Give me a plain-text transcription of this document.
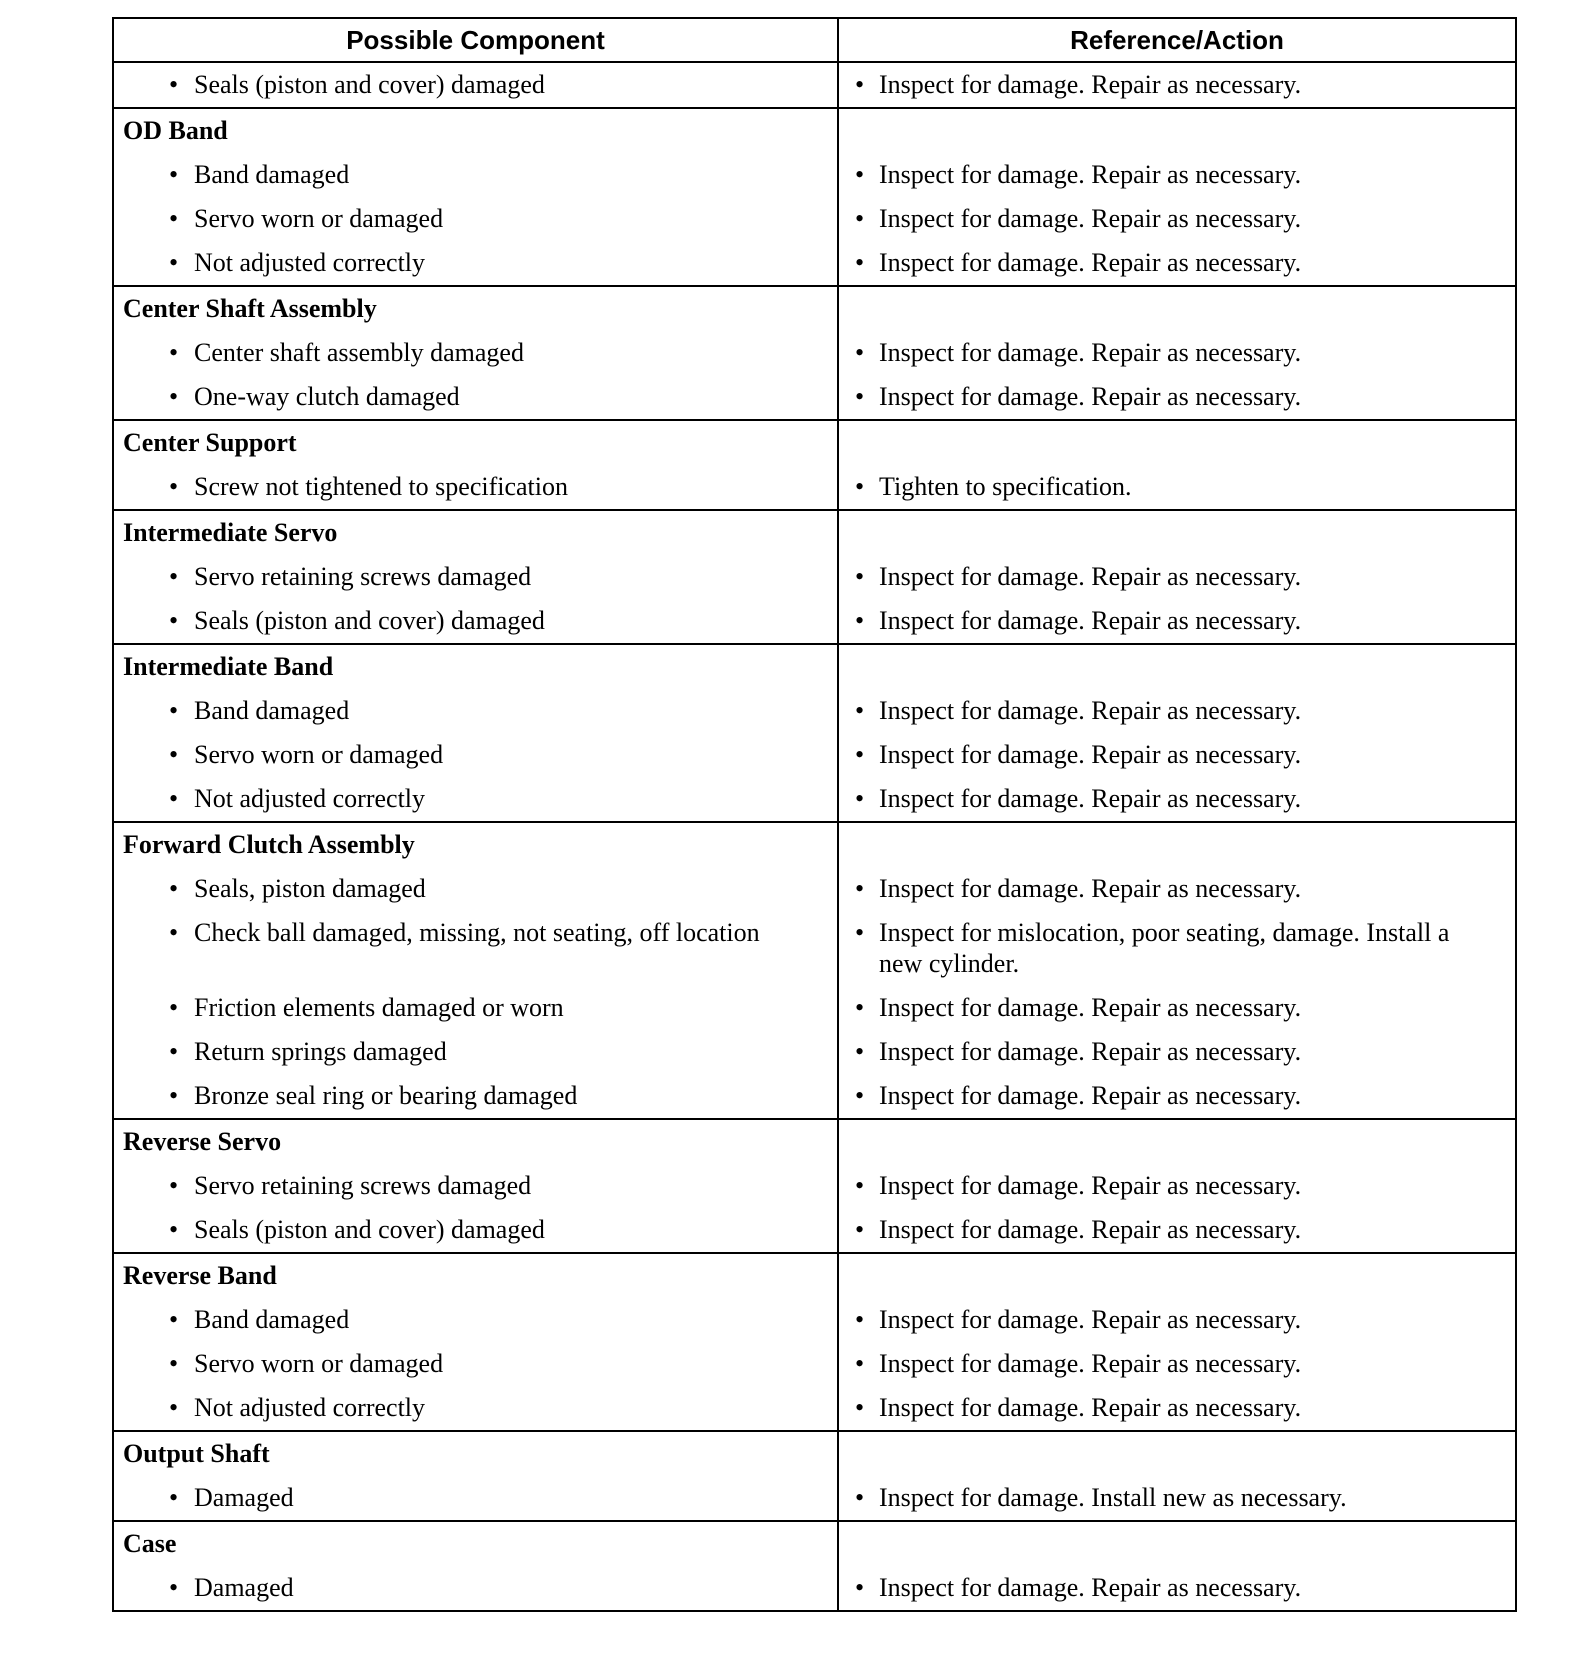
Possible Component	Reference/Action

• Seals (piston and cover) damaged	• Inspect for damage. Repair as necessary.

OD Band	

• Band damaged	• Inspect for damage. Repair as necessary.

• Servo worn or damaged	• Inspect for damage. Repair as necessary.

• Not adjusted correctly	• Inspect for damage. Repair as necessary.

Center Shaft Assembly	

• Center shaft assembly damaged	• Inspect for damage. Repair as necessary.

• One-way clutch damaged	• Inspect for damage. Repair as necessary.

Center Support	

• Screw not tightened to specification	• Tighten to specification.

Intermediate Servo	

• Servo retaining screws damaged	• Inspect for damage. Repair as necessary.

• Seals (piston and cover) damaged	• Inspect for damage. Repair as necessary.

Intermediate Band	

• Band damaged	• Inspect for damage. Repair as necessary.

• Servo worn or damaged	• Inspect for damage. Repair as necessary.

• Not adjusted correctly	• Inspect for damage. Repair as necessary.

Forward Clutch Assembly	

• Seals, piston damaged	• Inspect for damage. Repair as necessary.

• Check ball damaged, missing, not seating, off location	• Inspect for mislocation, poor seating, damage. Install a new cylinder.

• Friction elements damaged or worn	• Inspect for damage. Repair as necessary.

• Return springs damaged	• Inspect for damage. Repair as necessary.

• Bronze seal ring or bearing damaged	• Inspect for damage. Repair as necessary.

Reverse Servo	

• Servo retaining screws damaged	• Inspect for damage. Repair as necessary.

• Seals (piston and cover) damaged	• Inspect for damage. Repair as necessary.

Reverse Band	

• Band damaged	• Inspect for damage. Repair as necessary.

• Servo worn or damaged	• Inspect for damage. Repair as necessary.

• Not adjusted correctly	• Inspect for damage. Repair as necessary.

Output Shaft	

• Damaged	• Inspect for damage. Install new as necessary.

Case	

• Damaged	• Inspect for damage. Repair as necessary.
